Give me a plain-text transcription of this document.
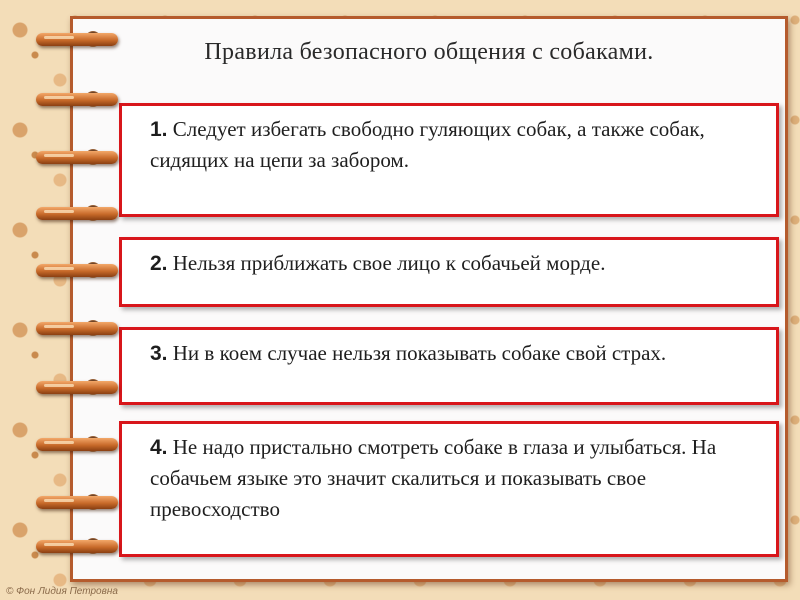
Правила безопасного общения с собаками.
1. Следует избегать свободно гуляющих собак, а также собак, сидящих на цепи за забором.
2. Нельзя приближать свое лицо к собачьей морде.
3. Ни в коем случае нельзя показывать собаке свой страх.
4. Не надо пристально смотреть собаке в глаза и улыбаться. На собачьем языке это значит скалиться и показывать свое превосходство
© Фон Лидия Петровна
